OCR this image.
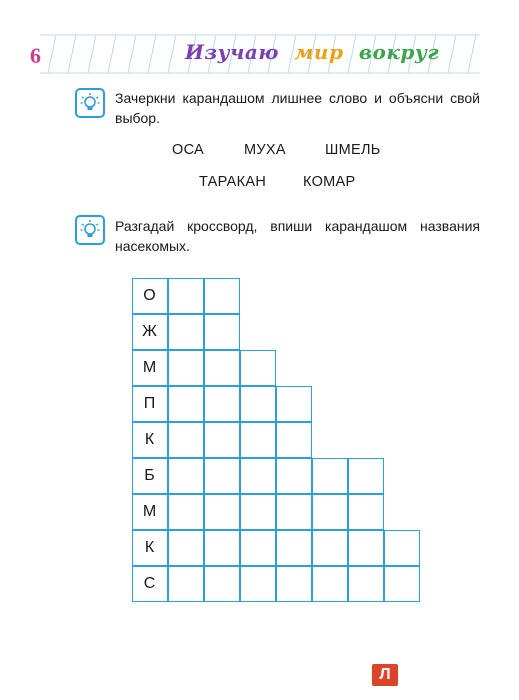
6	Изучаю мир вокруг
Зачеркни карандашом лишнее слово и объясни свой выбор.
ОСА	МУХА	ШМЕЛЬ
ТАРАКАН	КОМАР
Разгадай кроссворд, впиши карандашом названия насекомых.
О
Ж
М
П
К
Б
М
К
С
Л
